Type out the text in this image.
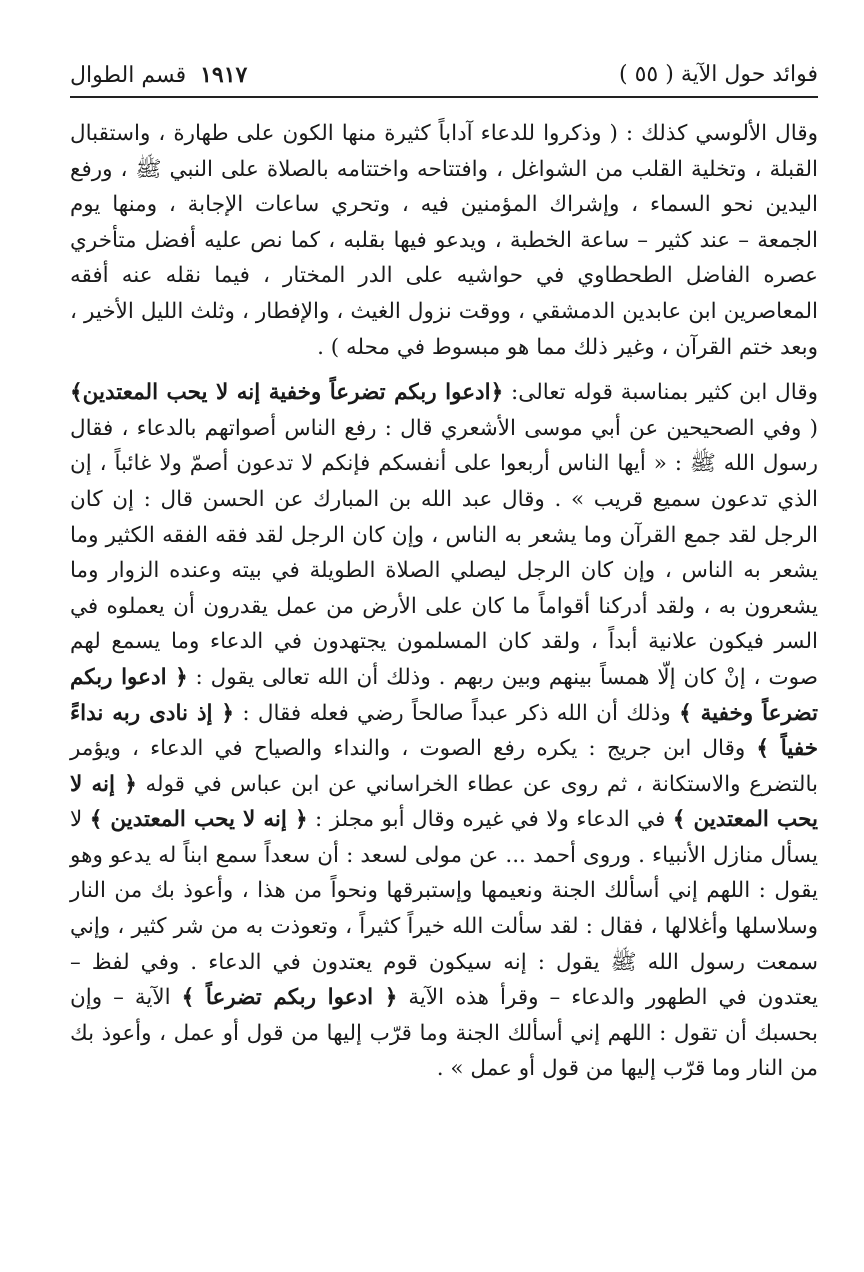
فوائد حول الآية ( ٥٥ )
١٩١٧قسم الطوال

وقال الألوسي كذلك : ( وذكروا للدعاء آداباً كثيرة منها الكون على طهارة ، واستقبال القبلة ، وتخلية القلب من الشواغل ، وافتتاحه واختتامه بالصلاة على النبي ﷺ ، ورفع اليدين نحو السماء ، وإشراك المؤمنين فيه ، وتحري ساعات الإجابة ، ومنها يوم الجمعة – عند كثير – ساعة الخطبة ، ويدعو فيها بقلبه ، كما نص عليه أفضل متأخري عصره الفاضل الطحطاوي في حواشيه على الدر المختار ، فيما نقله عنه أفقه المعاصرين ابن عابدين الدمشقي ، ووقت نزول الغيث ، والإفطار ، وثلث الليل الأخير ، وبعد ختم القرآن ، وغير ذلك مما هو مبسوط في محله ) .

وقال ابن كثير بمناسبة قوله تعالى: ﴿ادعوا ربكم تضرعاً وخفية إنه لا يحب المعتدين﴾ ( وفي الصحيحين عن أبي موسى الأشعري قال : رفع الناس أصواتهم بالدعاء ، فقال رسول الله ﷺ : « أيها الناس أربعوا على أنفسكم فإنكم لا تدعون أصمّ ولا غائباً ، إن الذي تدعون سميع قريب » . وقال عبد الله بن المبارك عن الحسن قال : إن كان الرجل لقد جمع القرآن وما يشعر به الناس ، وإن كان الرجل لقد فقه الفقه الكثير وما يشعر به الناس ، وإن كان الرجل ليصلي الصلاة الطويلة في بيته وعنده الزوار وما يشعرون به ، ولقد أدركنا أقواماً ما كان على الأرض من عمل يقدرون أن يعملوه في السر فيكون علانية أبداً ، ولقد كان المسلمون يجتهدون في الدعاء وما يسمع لهم صوت ، إنْ كان إلّا همساً بينهم وبين ربهم . وذلك أن الله تعالى يقول : ﴿ ادعوا ربكم تضرعاً وخفية ﴾ وذلك أن الله ذكر عبداً صالحاً رضي فعله فقال : ﴿ إذ نادى ربه نداءً خفياً ﴾ وقال ابن جريج : يكره رفع الصوت ، والنداء والصياح في الدعاء ، ويؤمر بالتضرع والاستكانة ، ثم روى عن عطاء الخراساني عن ابن عباس في قوله ﴿ إنه لا يحب المعتدين ﴾ في الدعاء ولا في غيره وقال أبو مجلز : ﴿ إنه لا يحب المعتدين ﴾ لا يسأل منازل الأنبياء . وروى أحمد ... عن مولى لسعد : أن سعداً سمع ابناً له يدعو وهو يقول : اللهم إني أسألك الجنة ونعيمها وإستبرقها ونحواً من هذا ، وأعوذ بك من النار وسلاسلها وأغلالها ، فقال : لقد سألت الله خيراً كثيراً ، وتعوذت به من شر كثير ، وإني سمعت رسول الله ﷺ يقول : إنه سيكون قوم يعتدون في الدعاء . وفي لفظ – يعتدون في الطهور والدعاء – وقرأ هذه الآية ﴿ ادعوا ربكم تضرعاً ﴾ الآية – وإن بحسبك أن تقول : اللهم إني أسألك الجنة وما قرّب إليها من قول أو عمل ، وأعوذ بك من النار وما قرّب إليها من قول أو عمل » .
